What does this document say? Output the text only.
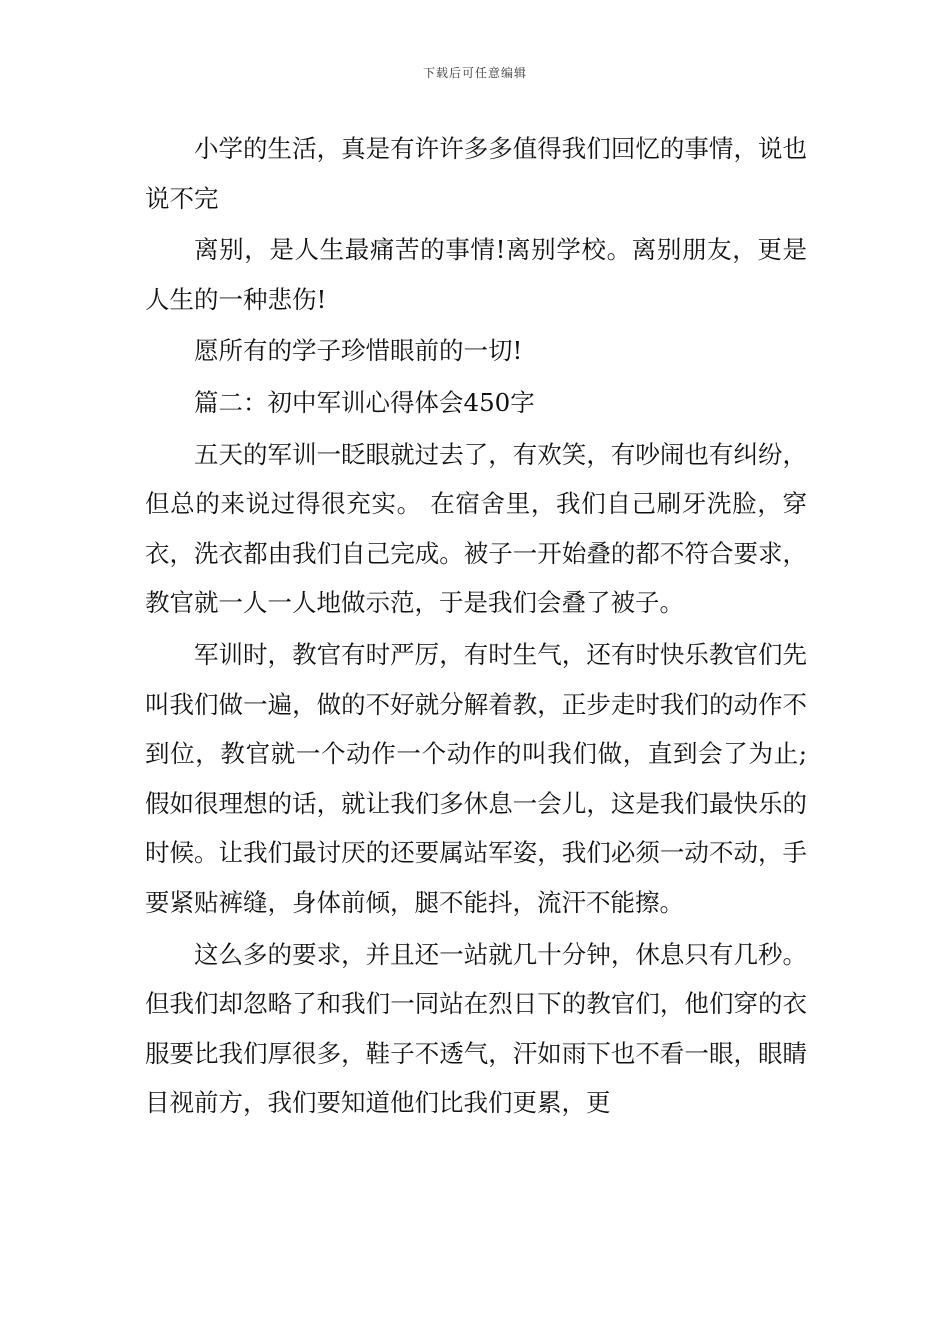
下载后可任意编辑

小学的生活，真是有许许多多值得我们回忆的事情，说也说不完

离别，是人生最痛苦的事情!离别学校。离别朋友，更是人生的一种悲伤!

愿所有的学子珍惜眼前的一切!

篇二：初中军训心得体会450字

五天的军训一眨眼就过去了，有欢笑，有吵闹也有纠纷，但总的来说过得很充实。 在宿舍里，我们自己刷牙洗脸，穿衣，洗衣都由我们自己完成。被子一开始叠的都不符合要求，教官就一人一人地做示范，于是我们会叠了被子。

军训时，教官有时严厉，有时生气，还有时快乐教官们先叫我们做一遍，做的不好就分解着教，正步走时我们的动作不到位，教官就一个动作一个动作的叫我们做，直到会了为止;假如很理想的话，就让我们多休息一会儿，这是我们最快乐的时候。让我们最讨厌的还要属站军姿，我们必须一动不动，手要紧贴裤缝，身体前倾，腿不能抖，流汗不能擦。

这么多的要求，并且还一站就几十分钟，休息只有几秒。但我们却忽略了和我们一同站在烈日下的教官们，他们穿的衣服要比我们厚很多，鞋子不透气，汗如雨下也不看一眼，眼睛目视前方，我们要知道他们比我们更累，更
